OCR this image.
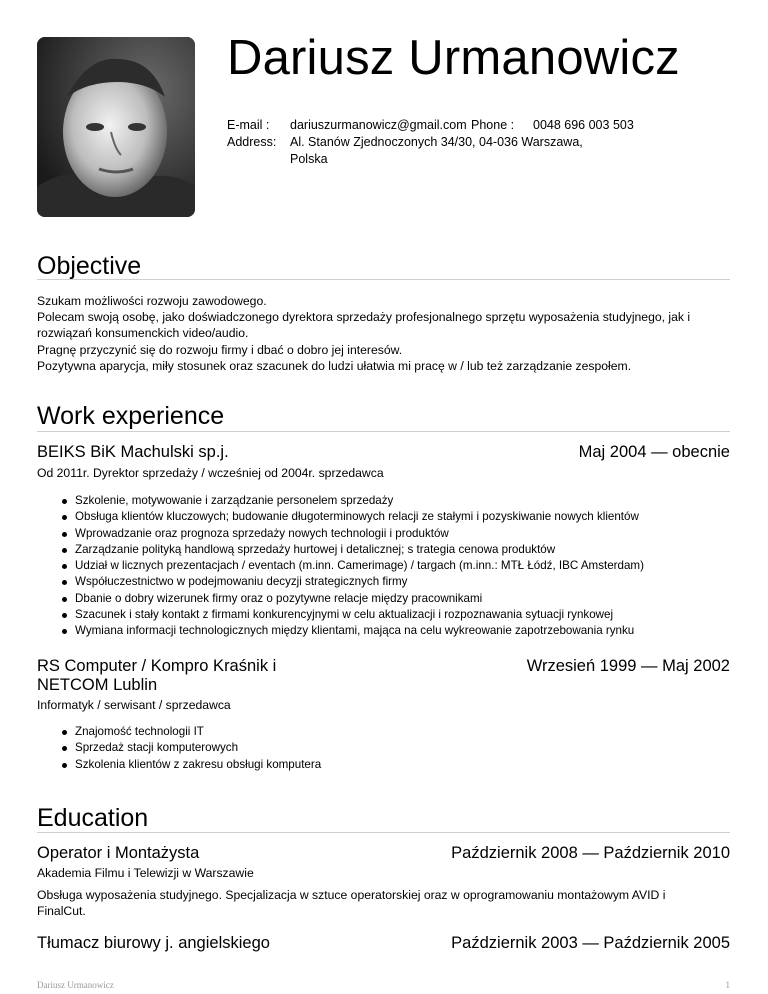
Dariusz Urmanowicz
E-mail : dariuszurmanowicz@gmail.com Phone : 0048 696 003 503
Address: Al. Stanów Zjednoczonych 34/30, 04-036 Warszawa,
Polska
Objective
Szukam możliwości rozwoju zawodowego.
Polecam swoją osobę, jako doświadczonego dyrektora sprzedaży profesjonalnego sprzętu wyposażenia studyjnego, jak i
rozwiązań konsumenckich video/audio.
Pragnę przyczynić się do rozwoju firmy i dbać o dobro jej interesów.
Pozytywna aparycja, miły stosunek oraz szacunek do ludzi ułatwia mi pracę w / lub też zarządzanie zespołem.
Work experience
BEIKS BiK Machulski sp.j.	Maj 2004 — obecnie
Od 2011r. Dyrektor sprzedaży / wcześniej od 2004r. sprzedawca
Szkolenie, motywowanie i zarządzanie personelem sprzedaży
Obsługa klientów kluczowych; budowanie długoterminowych relacji ze stałymi i pozyskiwanie nowych klientów
Wprowadzanie oraz prognoza sprzedaży nowych technologii i produktów
Zarządzanie polityką handlową sprzedaży hurtowej i detalicznej; s trategia cenowa produktów
Udział w licznych prezentacjach / eventach (m.inn. Camerimage) / targach (m.inn.: MTŁ Łódź, IBC Amsterdam)
Współuczestnictwo w podejmowaniu decyzji strategicznych firmy
Dbanie o dobry wizerunek firmy oraz o pozytywne relacje między pracownikami
Szacunek i stały kontakt z firmami konkurencyjnymi w celu aktualizacji i rozpoznawania sytuacji rynkowej
Wymiana informacji technologicznych między klientami, mająca na celu wykreowanie zapotrzebowania rynku
RS Computer / Kompro Kraśnik i
NETCOM Lublin
Wrzesień 1999 — Maj 2002
Informatyk / serwisant / sprzedawca
Znajomość technologii IT
Sprzedaż stacji komputerowych
Szkolenia klientów z zakresu obsługi komputera
Education
Operator i Montażysta	Październik 2008 — Październik 2010
Akademia Filmu i Telewizji w Warszawie
Obsługa wyposażenia studyjnego. Specjalizacja w sztuce operatorskiej oraz w oprogramowaniu montażowym AVID i
FinalCut.
Tłumacz biurowy j. angielskiego	Październik 2003 — Październik 2005
Dariusz Urmanowicz	1
